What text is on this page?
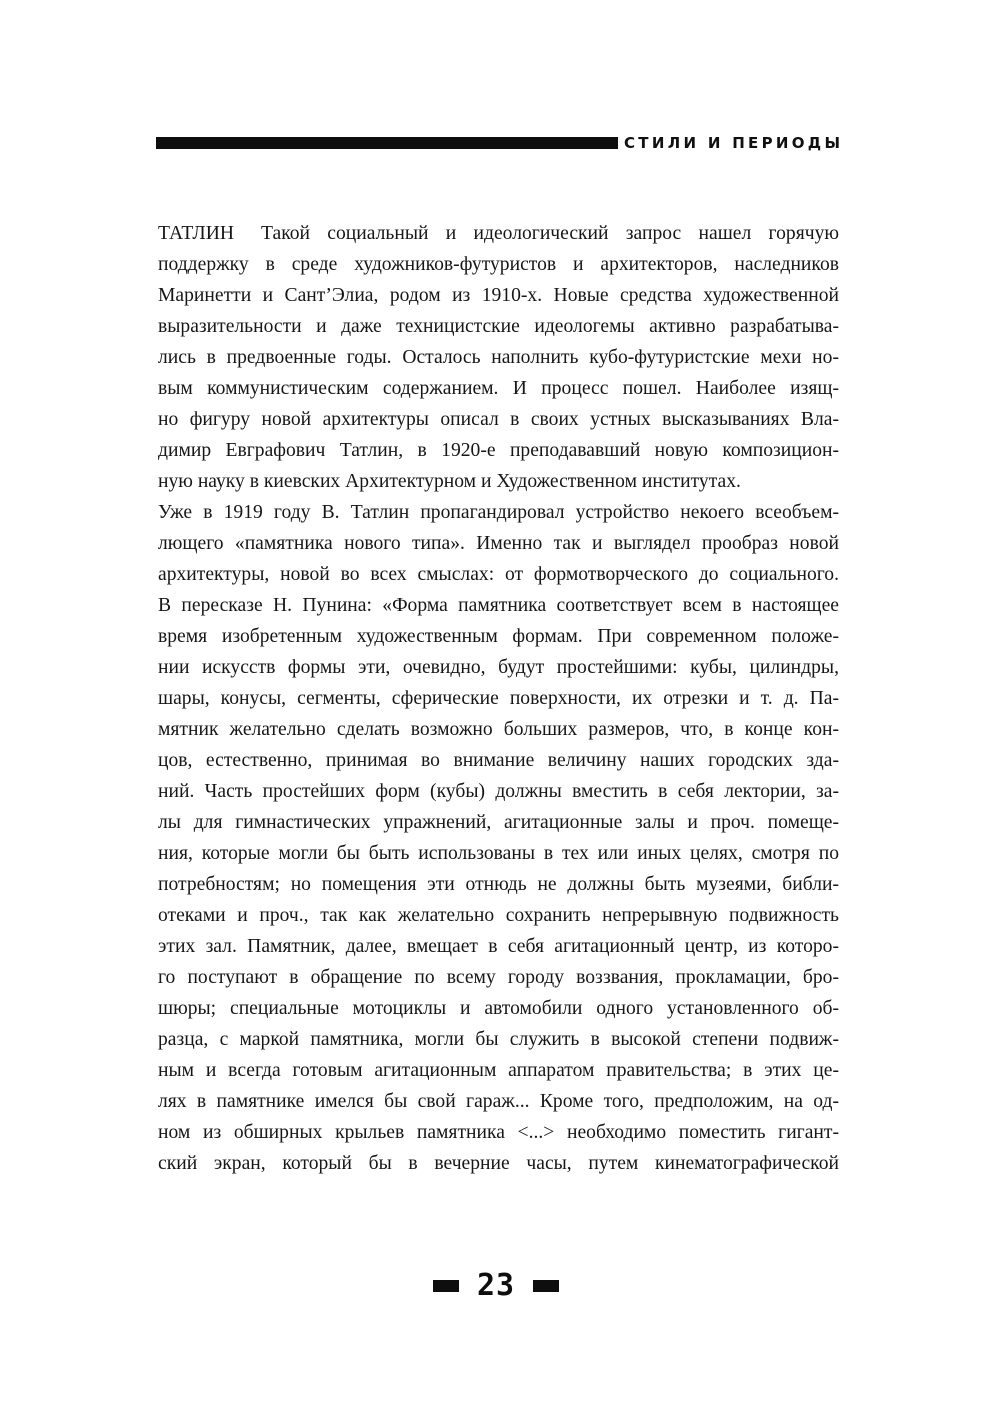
СТИЛИ И ПЕРИОДЫ
ТАТЛИН Такой социальный и идеологический запрос нашел горячую
поддержку в среде художников-футуристов и архитекторов, наследников
Маринетти и Сант’Элиа, родом из 1910-х. Новые средства художественной
выразительности и даже техницистские идеологемы активно разрабатыва-
лись в предвоенные годы. Осталось наполнить кубо-футуристские мехи но-
вым коммунистическим содержанием. И процесс пошел. Наиболее изящ-
но фигуру новой архитектуры описал в своих устных высказываниях Вла-
димир Евграфович Татлин, в 1920-е преподававший новую композицион-
ную науку в киевских Архитектурном и Художественном институтах.
Уже в 1919 году В. Татлин пропагандировал устройство некоего всеобъем-
лющего «памятника нового типа». Именно так и выглядел прообраз новой
архитектуры, новой во всех смыслах: от формотворческого до социального.
В пересказе Н. Пунина: «Форма памятника соответствует всем в настоящее
время изобретенным художественным формам. При современном положе-
нии искусств формы эти, очевидно, будут простейшими: кубы, цилиндры,
шары, конусы, сегменты, сферические поверхности, их отрезки и т. д. Па-
мятник желательно сделать возможно больших размеров, что, в конце кон-
цов, естественно, принимая во внимание величину наших городских зда-
ний. Часть простейших форм (кубы) должны вместить в себя лектории, за-
лы для гимнастических упражнений, агитационные залы и проч. помеще-
ния, которые могли бы быть использованы в тех или иных целях, смотря по
потребностям; но помещения эти отнюдь не должны быть музеями, библи-
отеками и проч., так как желательно сохранить непрерывную подвижность
этих зал. Памятник, далее, вмещает в себя агитационный центр, из которо-
го поступают в обращение по всему городу воззвания, прокламации, бро-
шюры; специальные мотоциклы и автомобили одного установленного об-
разца, с маркой памятника, могли бы служить в высокой степени подвиж-
ным и всегда готовым агитационным аппаратом правительства; в этих це-
лях в памятнике имелся бы свой гараж... Кроме того, предположим, на од-
ном из обширных крыльев памятника <...> необходимо поместить гигант-
ский экран, который бы в вечерние часы, путем кинематографической
23
